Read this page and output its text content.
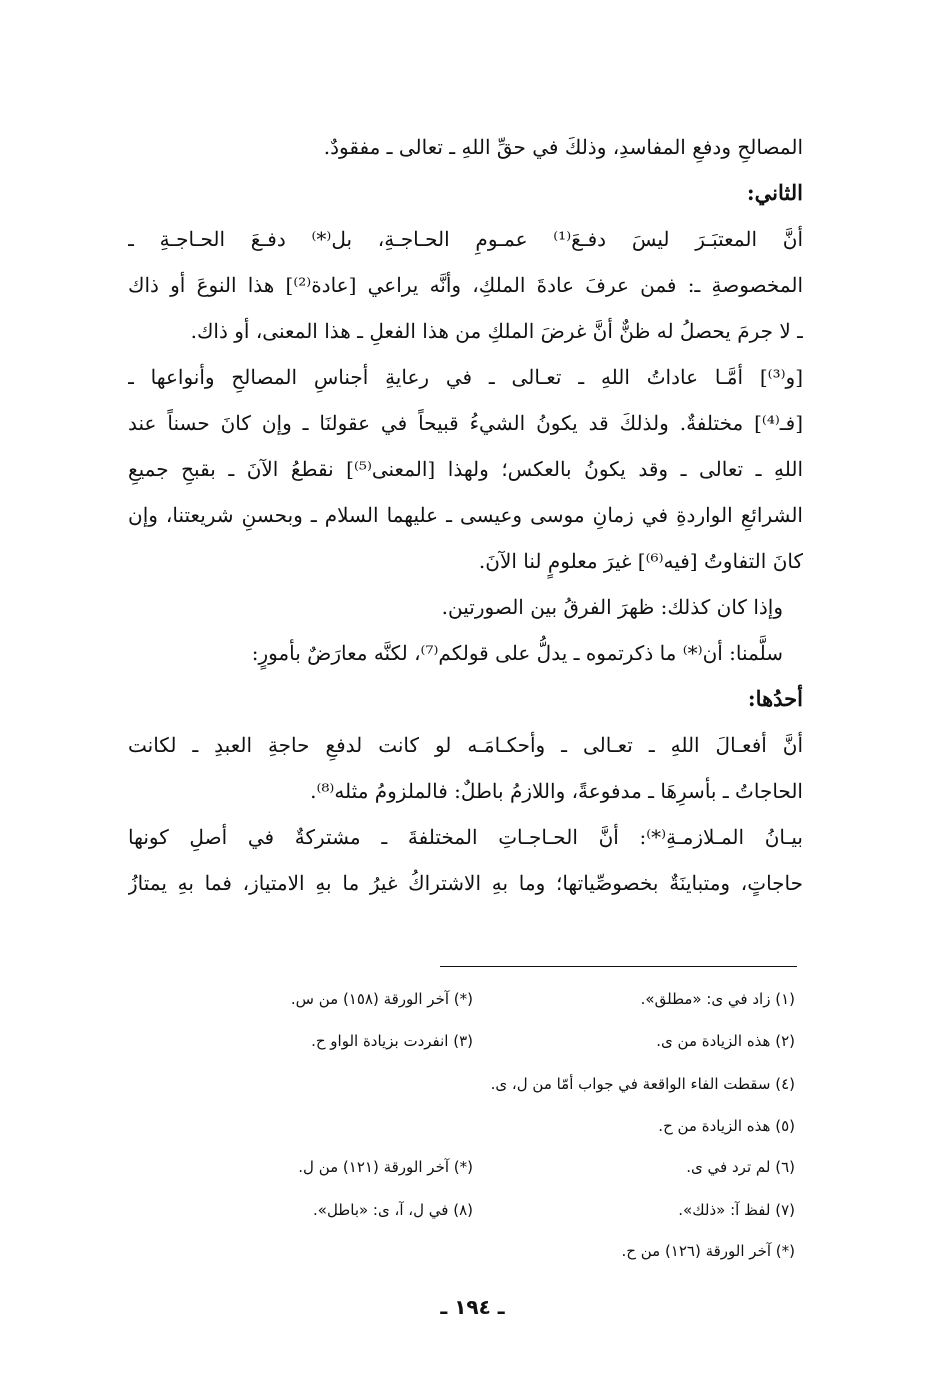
المصالحِ ودفعِ المفاسدِ، وذلكَ في حقِّ اللهِ ـ تعالى ـ مفقودٌ.
الثاني:
أنَّ المعتبَـرَ ليسَ دفـعَ⁽¹⁾ عمـومِ الحـاجـةِ، بل⁽*⁾ دفـعَ الحـاجـةِ ـ
المخصوصةِ ـ: فمن عرفَ عادةَ الملكِ، وأنَّه يراعي [عادة⁽²⁾] هذا النوعَ أو ذاك
ـ لا جرمَ يحصلُ له ظنٌّ أنَّ غرضَ الملكِ من هذا الفعلِ ـ هذا المعنى، أو ذاك.
[و⁽³⁾] أمَّـا عاداتُ اللهِ ـ تعـالى ـ في رعايةِ أجناسِ المصالحِ وأنواعها ـ
[فـ⁽⁴⁾] مختلفةٌ. ولذلكَ قد يكونُ الشيءُ قبيحاً في عقولنَا ـ وإن كانَ حسناً عند
اللهِ ـ تعالى ـ وقد يكونُ بالعكس؛ ولهذا [المعنى⁽⁵⁾] نقطعُ الآنَ ـ بقبحِ جميعِ
الشرائعِ الواردةِ في زمانِ موسى وعيسى ـ عليهما السلام ـ وبحسنِ شريعتنا، وإن
كانَ التفاوتُ [فيه⁽⁶⁾] غيرَ معلومٍ لنا الآنَ.
وإذا كان كذلك: ظهرَ الفرقُ بين الصورتين.
سلَّمنا: أن⁽*⁾ ما ذكرتموه ـ يدلُّ على قولكم⁽⁷⁾، لكنَّه معارَضٌ بأمورٍ:
أحدُها:
أنَّ أفعـالَ اللهِ ـ تعـالى ـ وأحكـامَـه لو كانت لدفعِ حاجةِ العبدِ ـ لكانت
الحاجاتُ ـ بأسرِهَا ـ مدفوعةً، واللازمُ باطلٌ: فالملزومُ مثله⁽⁸⁾.
بيـانُ المـلازمـةِ⁽*⁾: أنَّ الحـاجـاتِ المختلفةَ ـ مشتركةٌ في أصلِ كونها
حاجاتٍ، ومتباينَةٌ بخصوصِّياتها؛ وما بهِ الاشتراكُ غيرُ ما بهِ الامتياز، فما بهِ يمتازُ
(١) زاد في ى: «مطلق».
(*) آخر الورقة (١٥٨) من س.
(٢) هذه الزيادة من ى.
(٣) انفردت بزيادة الواو ح.
(٤) سقطت الفاء الواقعة في جواب أمّا من ل، ى.
(٥) هذه الزيادة من ح.
(٦) لم ترد في ى.
(*) آخر الورقة (١٢١) من ل.
(٧) لفظ آ: «ذلك».
(٨) في ل، آ، ى: «باطل».
(*) آخر الورقة (١٢٦) من ح.
ـ ١٩٤ ـ
